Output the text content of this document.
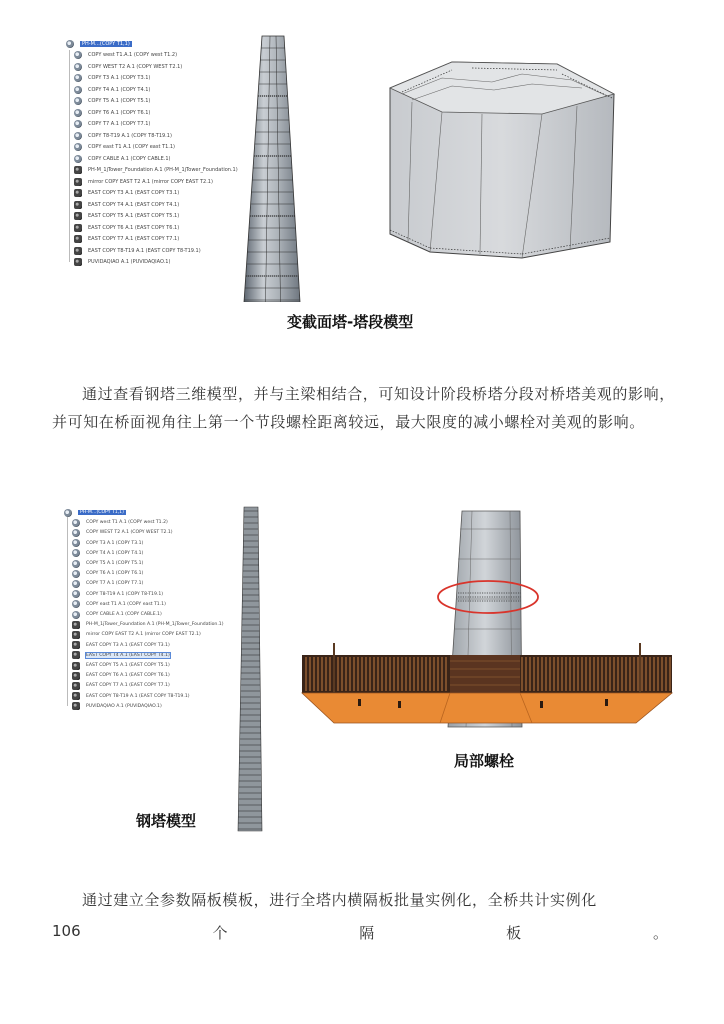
PH-M…(COPY T1,1)
COPY west T1.A.1 (COPY west T1.2)
COPY WEST T2 A.1 (COPY WEST T2.1)
COPY T3 A.1 (COPY T3.1)
COPY T4 A.1 (COPY T4.1)
COPY T5 A.1 (COPY T5.1)
COPY T6 A.1 (COPY T6.1)
COPY T7 A.1 (COPY T7.1)
COPY T8-T19 A.1 (COPY T8-T19.1)
COPY east T1 A.1 (COPY east T1.1)
COPY CABLE A.1 (COPY CABLE.1)
PH-M_1jTower_Foundation A.1 (PH-M_1jTower_Foundation.1)
mirror COPY EAST T2 A.1 (mirror COPY EAST T2.1)
EAST COPY T3 A.1 (EAST COPY T3.1)
EAST COPY T4 A.1 (EAST COPY T4.1)
EAST COPY T5 A.1 (EAST COPY T5.1)
EAST COPY T6 A.1 (EAST COPY T6.1)
EAST COPY T7 A.1 (EAST COPY T7.1)
EAST COPY T8-T19 A.1 (EAST COPY T8-T19.1)
PUVIDAQIAO A.1 (PUVIDAQIAO.1)
变截面塔-塔段模型
通过查看钢塔三维模型，并与主梁相结合，可知设计阶段桥塔分段对桥塔美观的影响，并可知在桥面视角往上第一个节段螺栓距离较远，最大限度的减小螺栓对美观的影响。
PH-M…(COPY T1,1)
COPY west T1 A.1 (COPY west T1.2)
COPY WEST T2 A.1 (COPY WEST T2.1)
COPY T3 A.1 (COPY T3.1)
COPY T4 A.1 (COPY T4.1)
COPY T5 A.1 (COPY T5.1)
COPY T6 A.1 (COPY T6.1)
COPY T7 A.1 (COPY T7.1)
COPY T8-T19 A.1 (COPY T8-T19.1)
COPY east T1 A.1 (COPY east T1.1)
COPY CABLE A.1 (COPY CABLE.1)
PH-M_1jTower_Foundation A.1 (PH-M_1jTower_Foundation.1)
mirror COPY EAST T2 A.1 (mirror COPY EAST T2.1)
EAST COPY T3 A.1 (EAST COPY T3.1)
EAST COPY T4 A.1 (EAST COPY T4.1)
EAST COPY T5 A.1 (EAST COPY T5.1)
EAST COPY T6 A.1 (EAST COPY T6.1)
EAST COPY T7 A.1 (EAST COPY T7.1)
EAST COPY T8-T19 A.1 (EAST COPY T8-T19.1)
PUVIDAQIAO A.1 (PUVIDAQIAO.1)
局部螺栓
钢塔模型
通过建立全参数隔板模板，进行全塔内横隔板批量实例化，全桥共计实例化
106	个	隔	板	。
